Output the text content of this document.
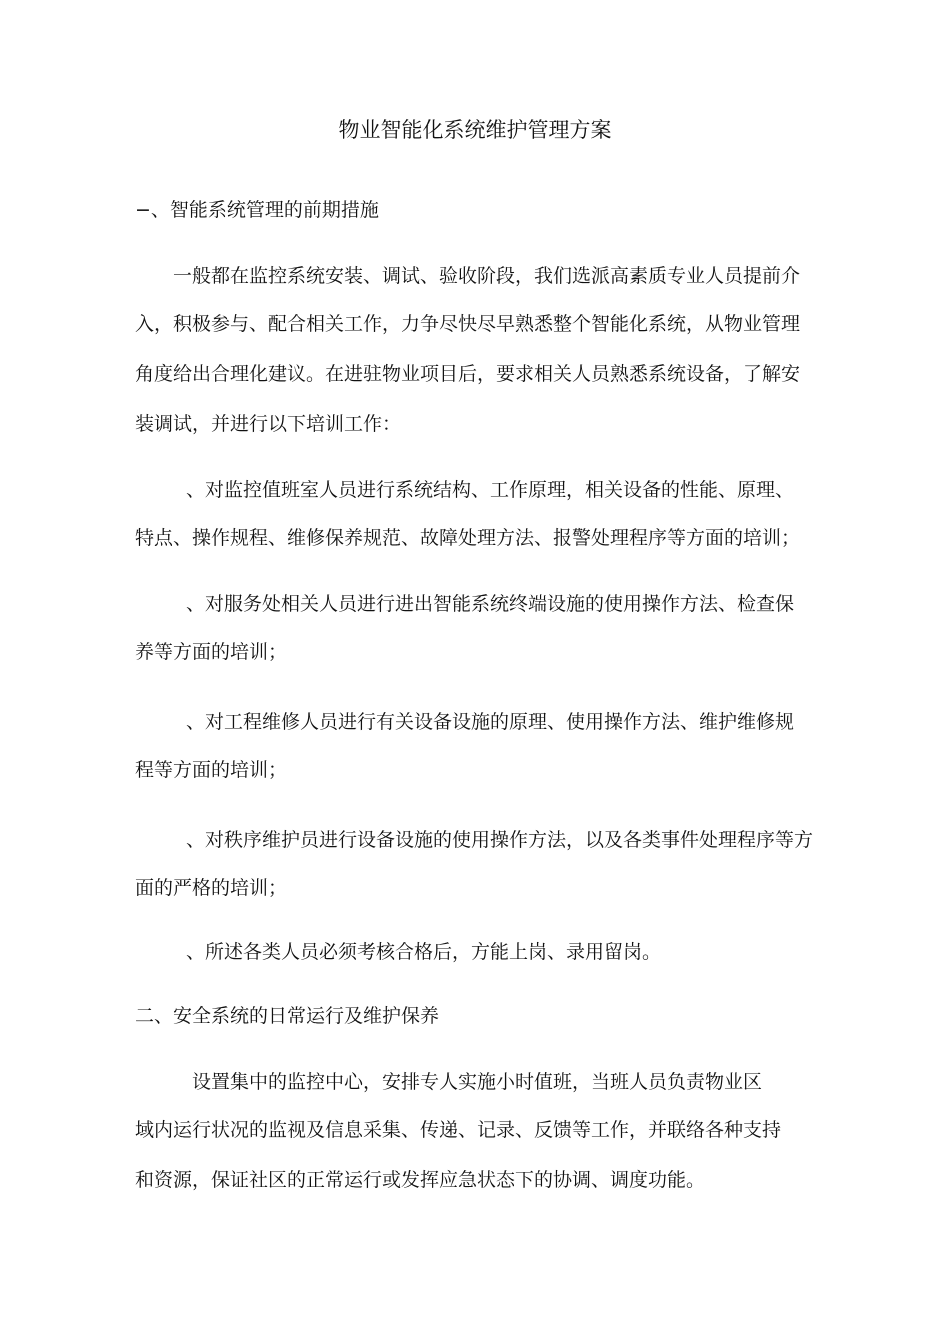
物业智能化系统维护管理方案
−、智能系统管理的前期措施
一般都在监控系统安装、调试、验收阶段，我们选派高素质专业人员提前介
入，积极参与、配合相关工作，力争尽快尽早熟悉整个智能化系统，从物业管理
角度给出合理化建议。在进驻物业项目后，要求相关人员熟悉系统设备，了解安
装调试，并进行以下培训工作：
、对监控值班室人员进行系统结构、工作原理，相关设备的性能、原理、
特点、操作规程、维修保养规范、故障处理方法、报警处理程序等方面的培训；
、对服务处相关人员进行进出智能系统终端设施的使用操作方法、检查保
养等方面的培训；
、对工程维修人员进行有关设备设施的原理、使用操作方法、维护维修规
程等方面的培训；
、对秩序维护员进行设备设施的使用操作方法，以及各类事件处理程序等方
面的严格的培训；
、所述各类人员必须考核合格后，方能上岗、录用留岗。
二、安全系统的日常运行及维护保养
设置集中的监控中心，安排专人实施小时值班，当班人员负责物业区
域内运行状况的监视及信息采集、传递、记录、反馈等工作，并联络各种支持
和资源，保证社区的正常运行或发挥应急状态下的协调、调度功能。
